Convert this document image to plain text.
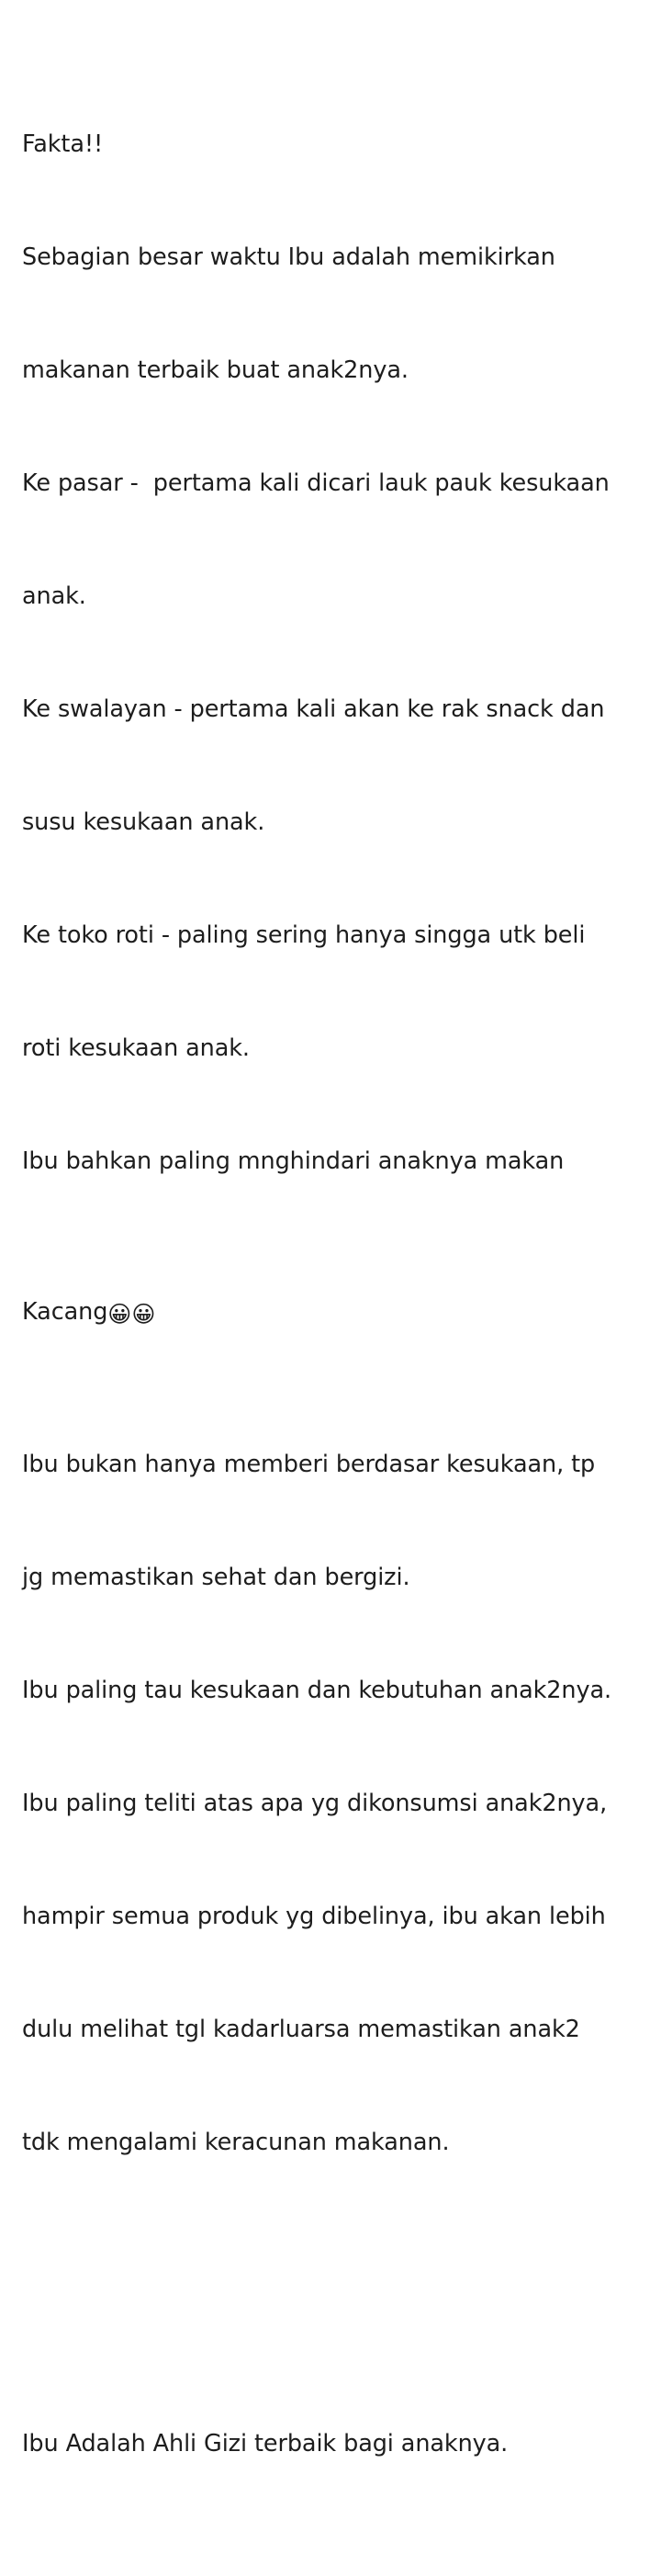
Fakta!!

Sebagian besar waktu Ibu adalah memikirkan

makanan terbaik buat anak2nya.

Ke pasar -  pertama kali dicari lauk pauk kesukaan

anak.

Ke swalayan - pertama kali akan ke rak snack dan

susu kesukaan anak.

Ke toko roti - paling sering hanya singga utk beli

roti kesukaan anak.

Ibu bahkan paling mnghindari anaknya makan

Kacang😀😀

Ibu bukan hanya memberi berdasar kesukaan, tp

jg memastikan sehat dan bergizi.

Ibu paling tau kesukaan dan kebutuhan anak2nya.

Ibu paling teliti atas apa yg dikonsumsi anak2nya,

hampir semua produk yg dibelinya, ibu akan lebih

dulu melihat tgl kadarluarsa memastikan anak2

tdk mengalami keracunan makanan.

Ibu Adalah Ahli Gizi terbaik bagi anaknya.
